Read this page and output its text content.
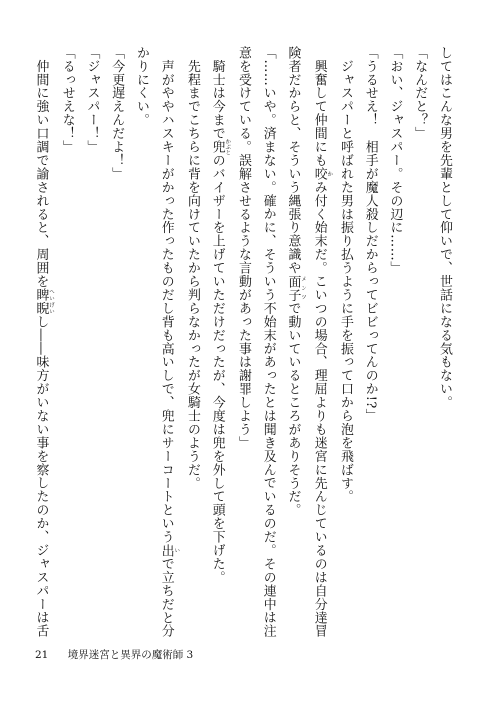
してはこんな男を先輩として仰いで、世話になる気もない。
「なんだと？」
「おい、ジャスパー。その辺に……」
「うるせえ！　相手が魔人殺しだからってビビってんのか!?」
　ジャスパーと呼ばれた男は振り払うように手を振って口から泡を飛ばす。
　興奮して仲間にも咬 かみ付く始末だ。こいつの場合、理屈よりも迷宮に先んじているのは自分達冒
険者だからと、そういう縄張り意識や面子 メンツで動いているところがありそうだ。
「……いや。済まない。確かに、そういう不始末があったとは聞き及んでいるのだ。その連中は注
意を受けている。誤解させるような言動があった事は謝罪しよう」
　騎士は今まで兜 かぶとのバイザーを上げていただけだったが、今度は兜を外して頭を下げた。
　先程までこちらに背を向けていたから判らなかったが女騎士のようだ。
　声がややハスキーがかった作ったものだし背も高いしで、兜にサーコートという出 いで立ちだと分
かりにくい。
「今更遅えんだよ！」
「ジャスパー！」
「るっせえな！」
　仲間に強い口調で諭されると、周囲を睥睨 へいげいし――味方がいない事を察したのか、ジャスパーは舌
21 境界迷宮と異界の魔術師 3
